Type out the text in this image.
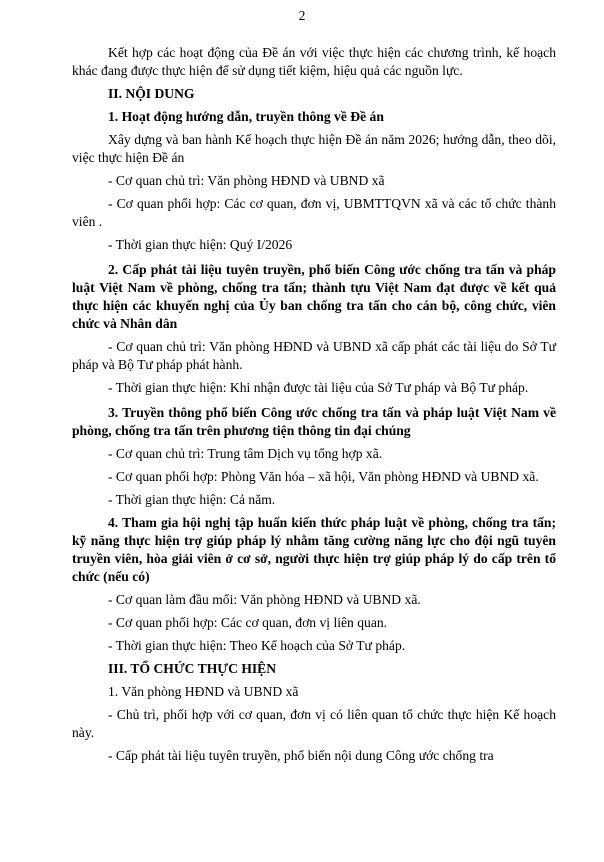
2

Kết hợp các hoạt động của Đề án với việc thực hiện các chương trình, kế hoạch khác đang được thực hiện để sử dụng tiết kiệm, hiệu quả các nguồn lực.

II. NỘI DUNG

1. Hoạt động hướng dẫn, truyền thông về Đề án

Xây dựng và ban hành Kế hoạch thực hiện Đề án năm 2026; hướng dẫn, theo dõi, việc thực hiện Đề án

- Cơ quan chủ trì: Văn phòng HĐND và UBND xã

- Cơ quan phối hợp: Các cơ quan, đơn vị, UBMTTQVN xã và các tổ chức thành viên .

- Thời gian thực hiện: Quý I/2026

2. Cấp phát tài liệu tuyên truyền, phổ biến Công ước chống tra tấn và pháp luật Việt Nam về phòng, chống tra tấn; thành tựu Việt Nam đạt được về kết quả thực hiện các khuyến nghị của Ủy ban chống tra tấn cho cán bộ, công chức, viên chức và Nhân dân

- Cơ quan chủ trì: Văn phòng HĐND và UBND xã cấp phát các tài liệu do Sở Tư pháp và Bộ Tư pháp phát hành.

- Thời gian thực hiện: Khi nhận được tài liệu của Sở Tư pháp và Bộ Tư pháp.

3. Truyền thông phổ biến Công ước chống tra tấn và pháp luật Việt Nam về phòng, chống tra tấn trên phương tiện thông tin đại chúng

- Cơ quan chủ trì: Trung tâm Dịch vụ tổng hợp xã.

- Cơ quan phối hợp: Phòng Văn hóa – xã hội, Văn phòng HĐND và UBND xã.

- Thời gian thực hiện: Cả năm.

4. Tham gia hội nghị tập huấn kiến thức pháp luật về phòng, chống tra tấn; kỹ năng thực hiện trợ giúp pháp lý nhằm tăng cường năng lực cho đội ngũ tuyên truyền viên, hòa giải viên ở cơ sở, người thực hiện trợ giúp pháp lý do cấp trên tổ chức (nếu có)

- Cơ quan làm đầu mối: Văn phòng HĐND và UBND xã.

- Cơ quan phối hợp: Các cơ quan, đơn vị liên quan.

- Thời gian thực hiện: Theo Kế hoạch của Sở Tư pháp.

III. TỔ CHỨC THỰC HIỆN

1. Văn phòng HĐND và UBND xã

- Chủ trì, phối hợp với cơ quan, đơn vị có liên quan tổ chức thực hiện Kế hoạch này.

- Cấp phát tài liệu tuyên truyền, phổ biến nội dung Công ước chống tra
